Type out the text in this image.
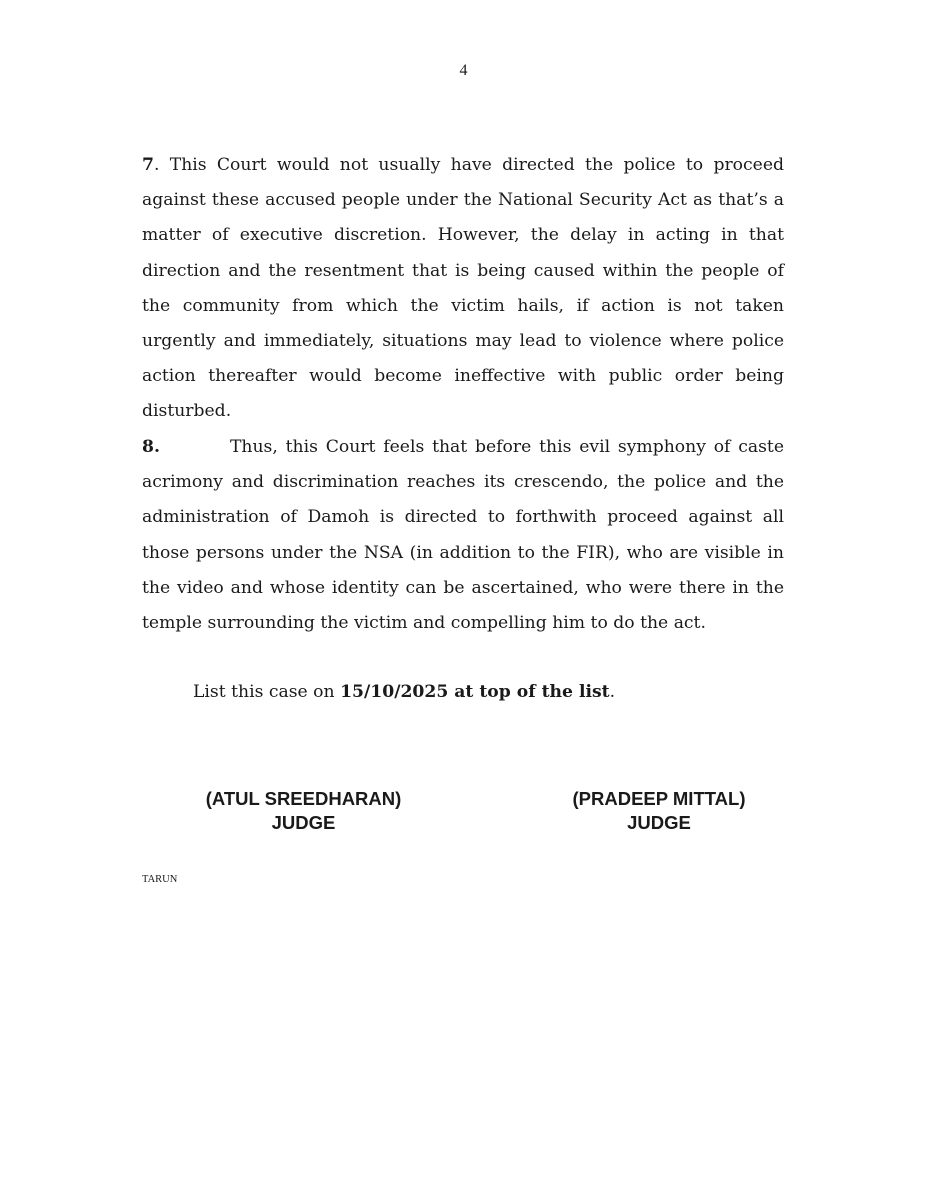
4

7. This Court would not usually have directed the police to proceed against these accused people under the National Security Act as that’s a matter of executive discretion. However, the delay in acting in that direction and the resentment that is being caused within the people of the community from which the victim hails, if action is not taken urgently and immediately, situations may lead to violence where police action thereafter would become ineffective with public order being disturbed.

8.	Thus, this Court feels that before this evil symphony of caste acrimony and discrimination reaches its crescendo, the police and the administration of Damoh is directed to forthwith proceed against all those persons under the NSA (in addition to the FIR), who are visible in the video and whose identity can be ascertained, who were there in the temple surrounding the victim and compelling him to do the act.

List this case on 15/10/2025 at top of the list.

(ATUL SREEDHARAN)
JUDGE
(PRADEEP MITTAL)
JUDGE
TARUN
